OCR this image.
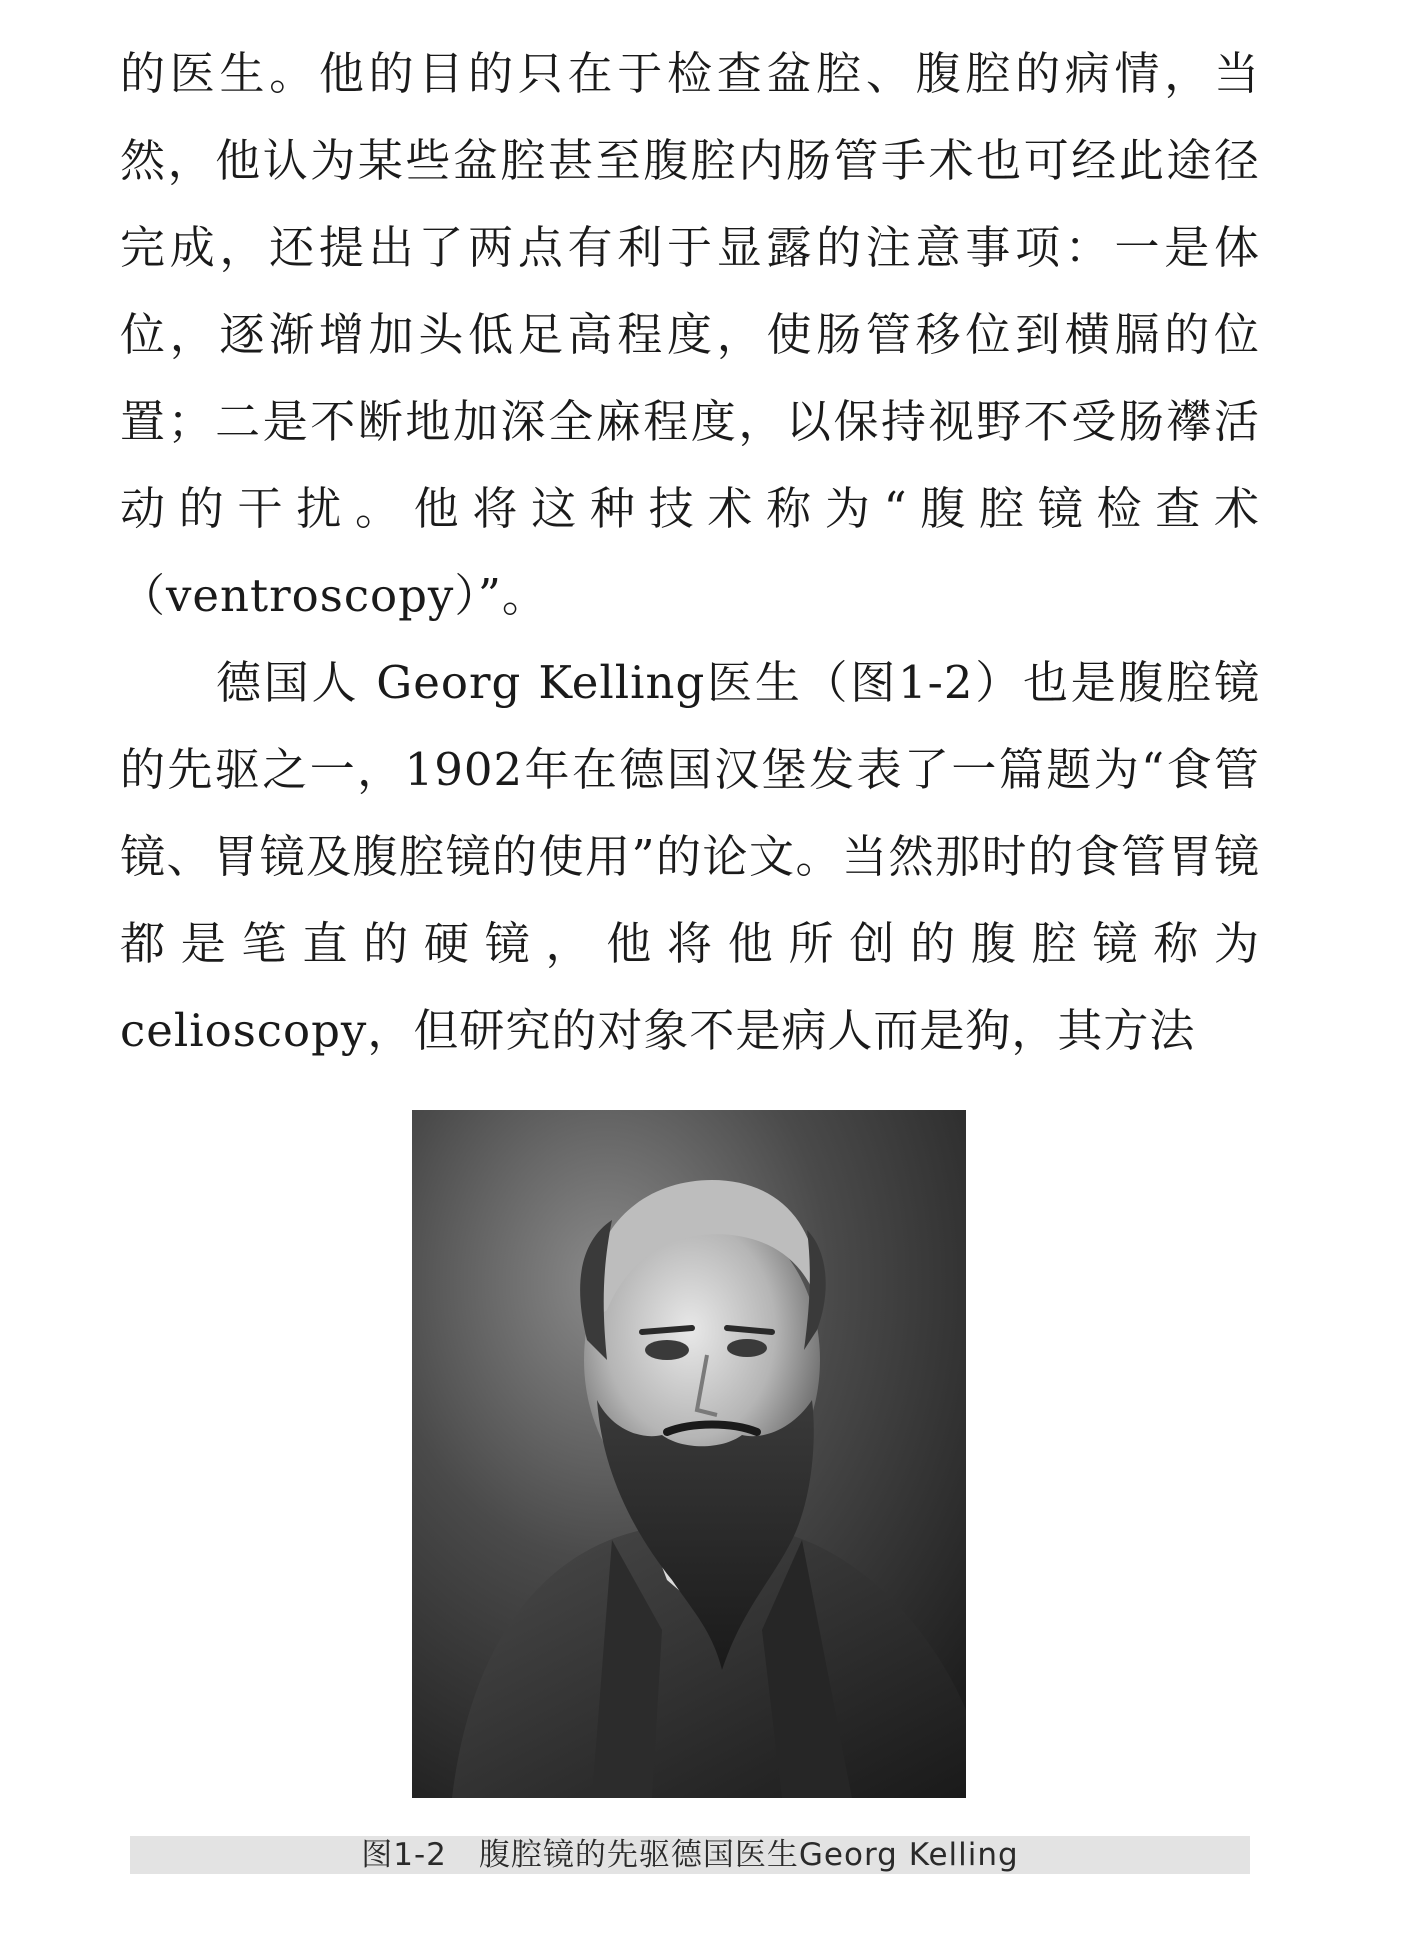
的医生。他的目的只在于检查盆腔、腹腔的病情，当然，他认为某些盆腔甚至腹腔内肠管手术也可经此途径完成，还提出了两点有利于显露的注意事项：一是体位，逐渐增加头低足高程度，使肠管移位到横膈的位置；二是不断地加深全麻程度，以保持视野不受肠襻活动的干扰。他将这种技术称为“腹腔镜检查术（ventroscopy）”。

德国人 Georg Kelling医生（图1-2）也是腹腔镜的先驱之一，1902年在德国汉堡发表了一篇题为“食管镜、胃镜及腹腔镜的使用”的论文。当然那时的食管胃镜都是笔直的硬镜，他将他所创的腹腔镜称为celioscopy，但研究的对象不是病人而是狗，其方法

图1-2　腹腔镜的先驱德国医生Georg Kelling
